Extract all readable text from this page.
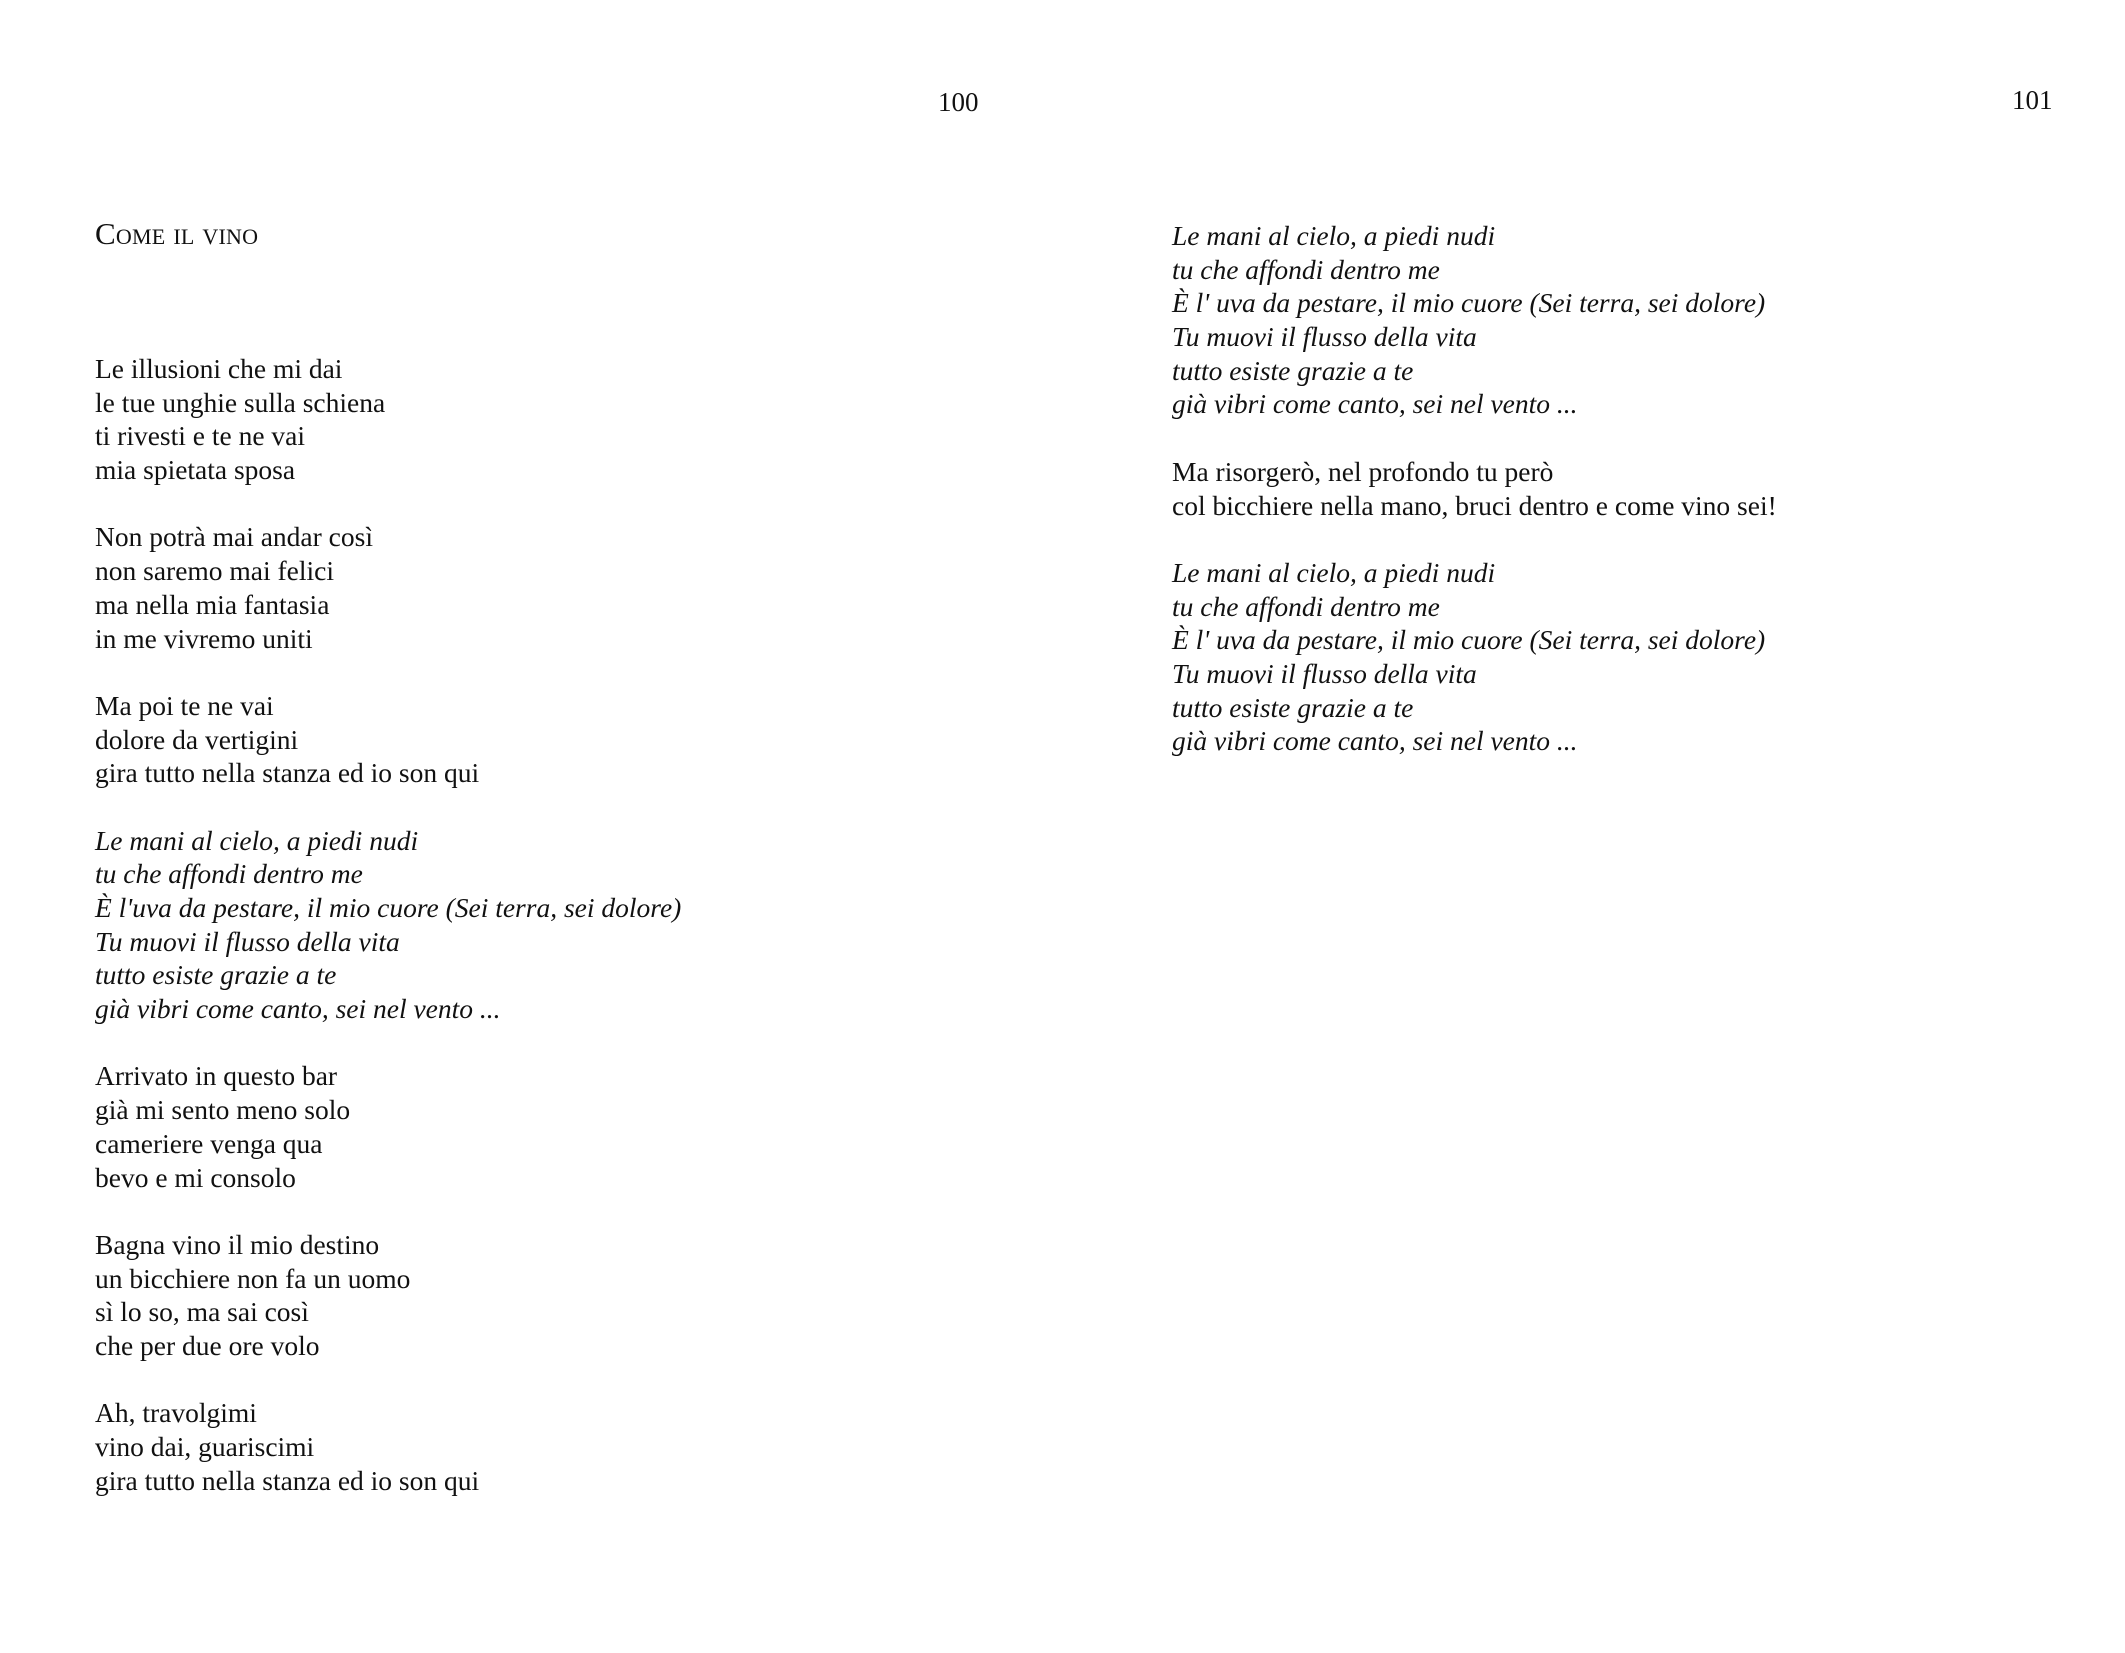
100	101
Come il vino
Le illusioni che mi dai
le tue unghie sulla schiena
ti rivesti e te ne vai
mia spietata sposa
Non potrà mai andar così
non saremo mai felici
ma nella mia fantasia
in me vivremo uniti
Ma poi te ne vai
dolore da vertigini
gira tutto nella stanza ed io son qui
Le mani al cielo, a piedi nudi
tu che affondi dentro me
È l'uva da pestare, il mio cuore (Sei terra, sei dolore)
Tu muovi il flusso della vita
tutto esiste grazie a te
già vibri come canto, sei nel vento ...
Arrivato in questo bar
già mi sento meno solo
cameriere venga qua
bevo e mi consolo
Bagna vino il mio destino
un bicchiere non fa un uomo
sì lo so, ma sai così
che per due ore volo
Ah, travolgimi
vino dai, guariscimi
gira tutto nella stanza ed io son qui
Le mani al cielo, a piedi nudi
tu che affondi dentro me
È l' uva da pestare, il mio cuore (Sei terra, sei dolore)
Tu muovi il flusso della vita
tutto esiste grazie a te
già vibri come canto, sei nel vento ...
Ma risorgerò, nel profondo tu però
col bicchiere nella mano, bruci dentro e come vino sei!
Le mani al cielo, a piedi nudi
tu che affondi dentro me
È l' uva da pestare, il mio cuore (Sei terra, sei dolore)
Tu muovi il flusso della vita
tutto esiste grazie a te
già vibri come canto, sei nel vento ...
